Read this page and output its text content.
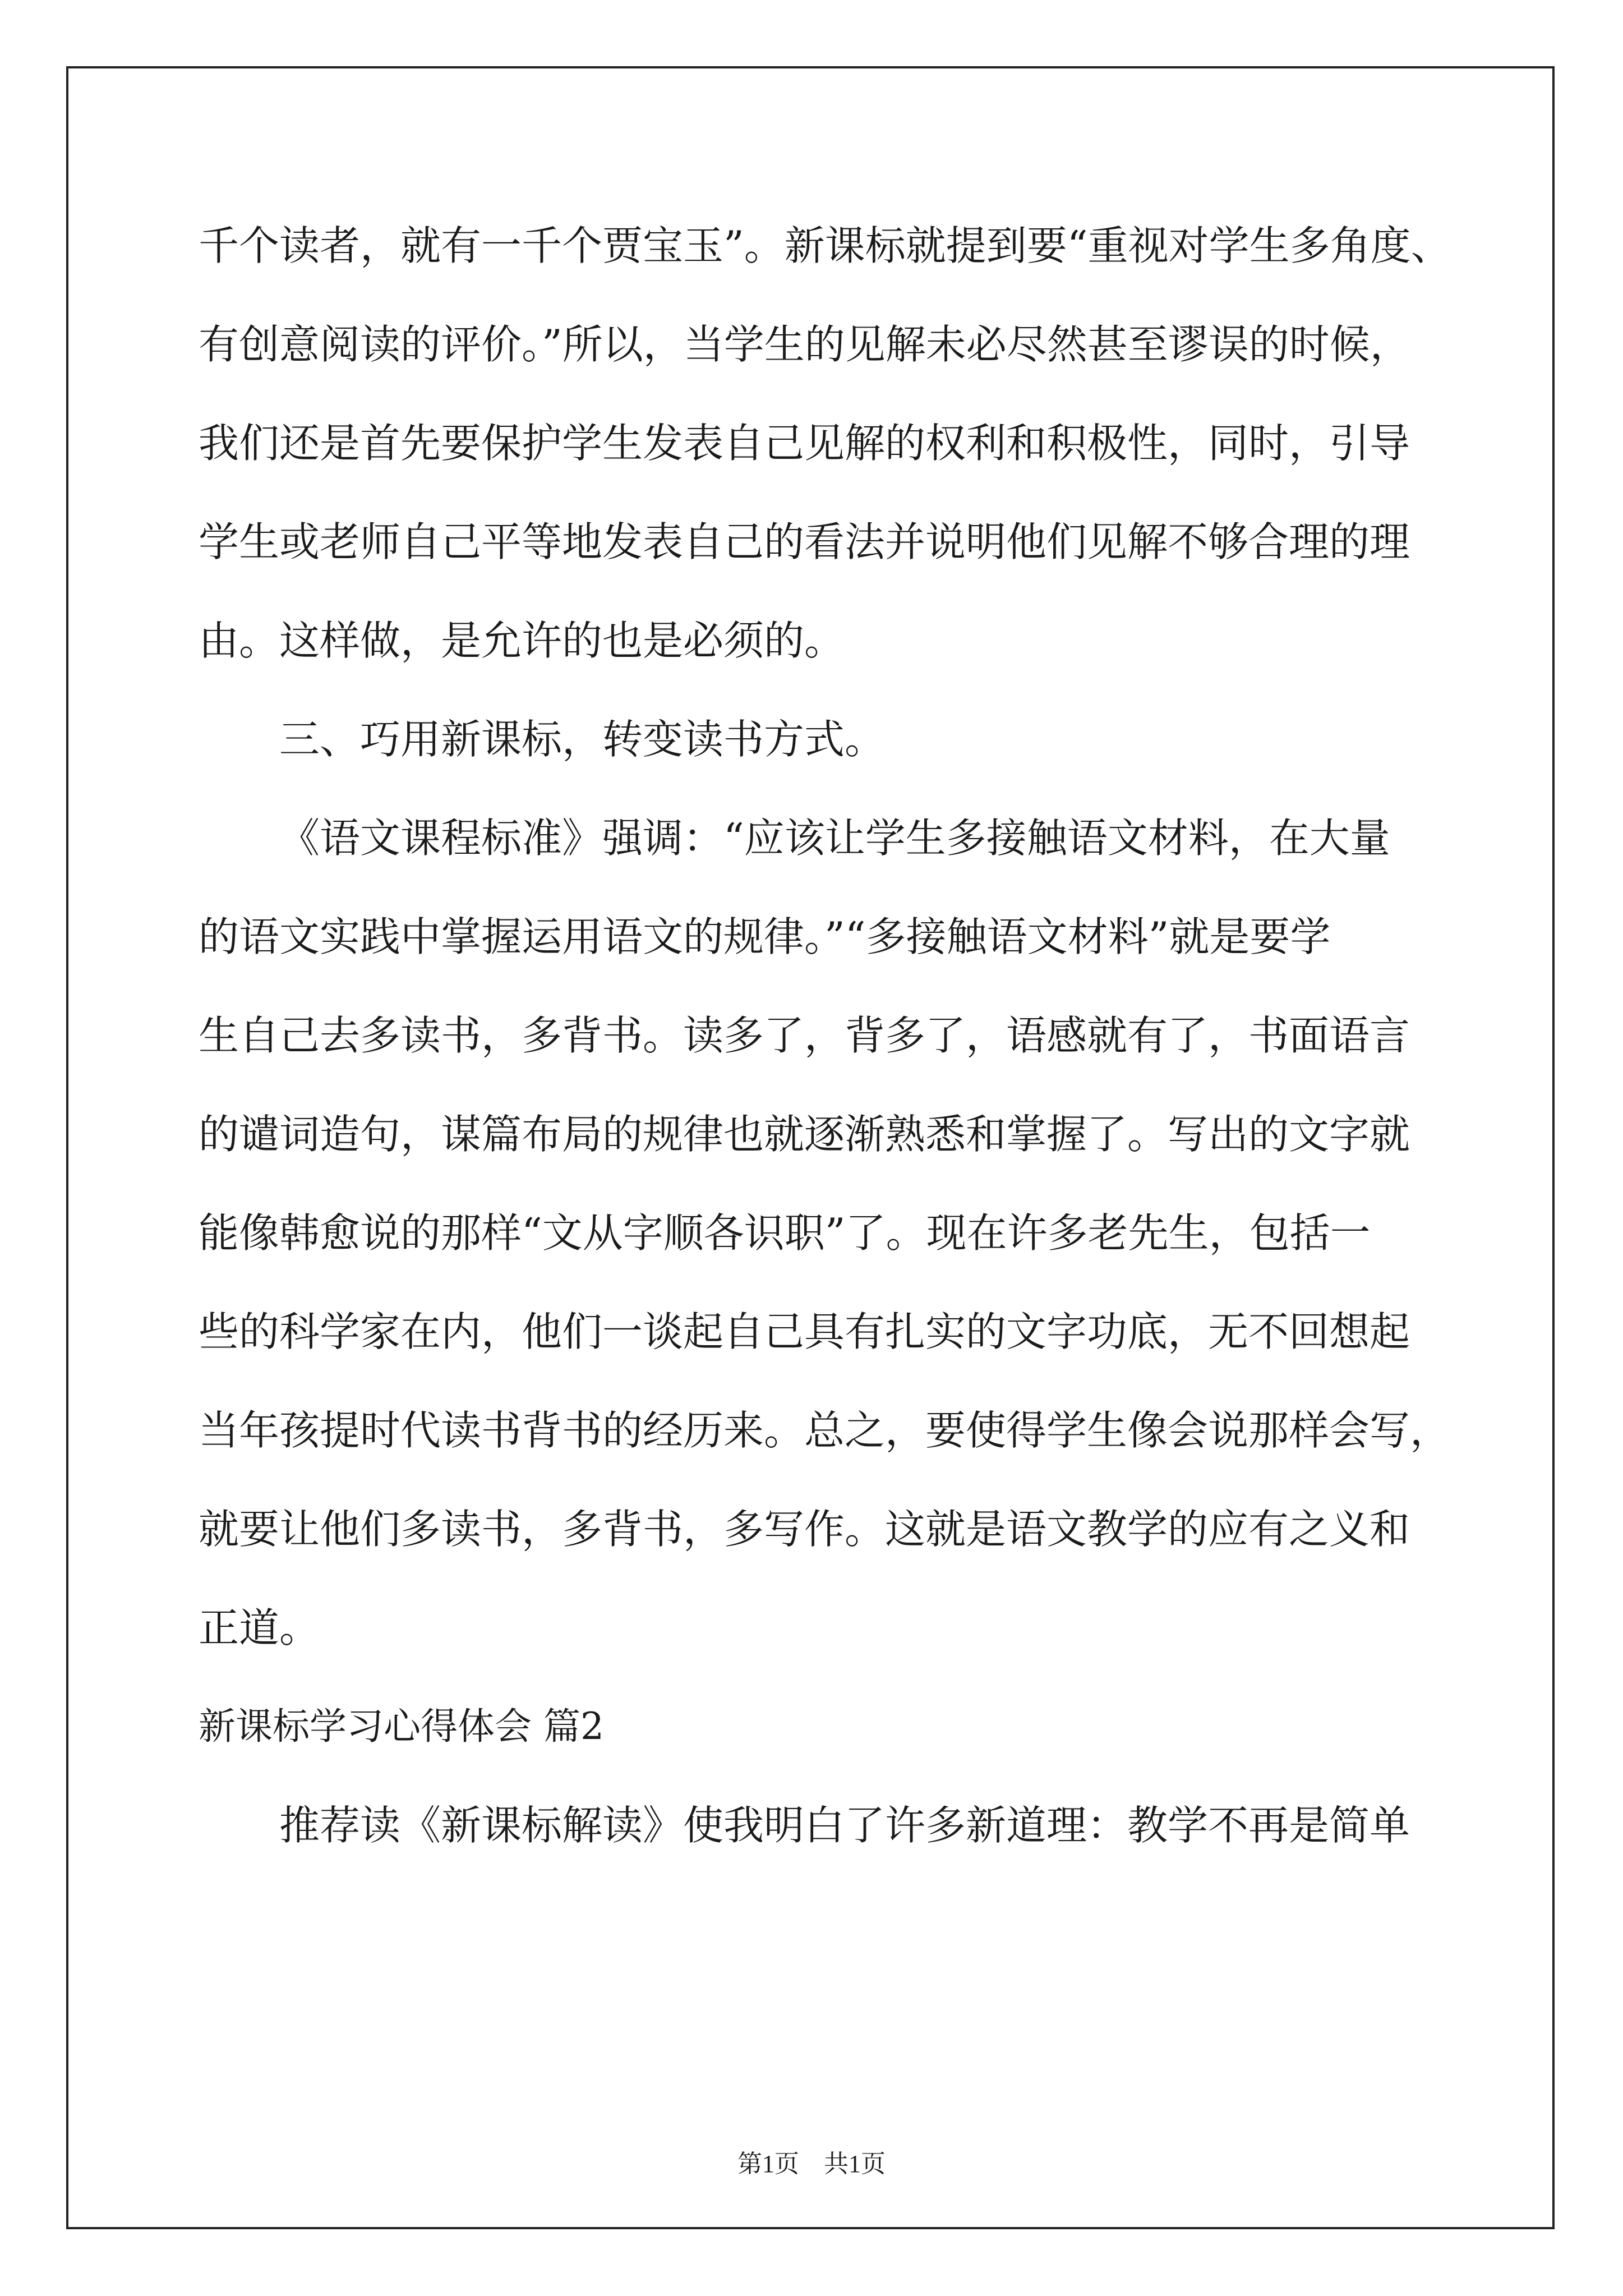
千个读者，就有一千个贾宝玉”。新课标就提到要“重视对学生多角度、

有创意阅读的评价。”所以，当学生的见解未必尽然甚至谬误的时候，

我们还是首先要保护学生发表自己见解的权利和积极性，同时，引导

学生或老师自己平等地发表自己的看法并说明他们见解不够合理的理

由。这样做，是允许的也是必须的。

三、巧用新课标，转变读书方式。

《语文课程标准》强调：“应该让学生多接触语文材料，在大量

的语文实践中掌握运用语文的规律。”“多接触语文材料”就是要学

生自己去多读书，多背书。读多了，背多了，语感就有了，书面语言

的谴词造句，谋篇布局的规律也就逐渐熟悉和掌握了。写出的文字就

能像韩愈说的那样“文从字顺各识职”了。现在许多老先生，包括一

些的科学家在内，他们一谈起自己具有扎实的文字功底，无不回想起

当年孩提时代读书背书的经历来。总之，要使得学生像会说那样会写，

就要让他们多读书，多背书，多写作。这就是语文教学的应有之义和

正道。

新课标学习心得体会 篇2

推荐读《新课标解读》使我明白了许多新道理：教学不再是简单

第1页　共1页
